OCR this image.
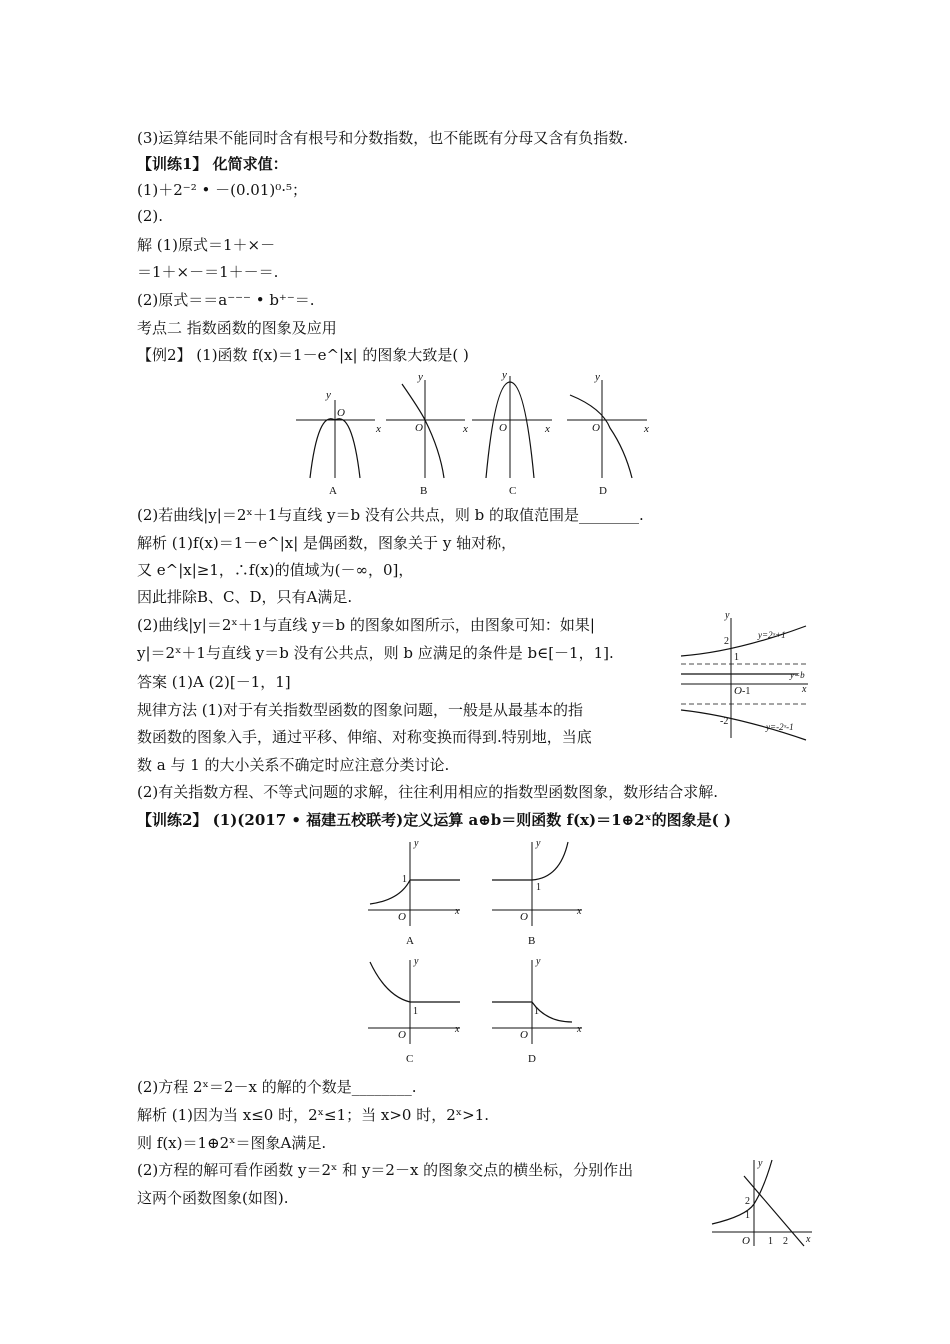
(3)运算结果不能同时含有根号和分数指数，也不能既有分母又含有负指数.
【训练1】 化简求值：
(1)＋2⁻² • －(0.01)⁰·⁵；
(2).
解 (1)原式＝1＋×－
＝1＋×－＝1＋－＝.
(2)原式＝＝a⁻⁻⁻ • b⁺⁻＝.
考点二 指数函数的图象及应用
【例2】 (1)函数 f(x)＝1－e^|x| 的图象大致是( )
x
y
O
A
x
y
O
B
x
y
O
C
x
y
O
D
(2)若曲线|y|＝2ˣ＋1与直线 y＝b 没有公共点，则 b 的取值范围是________.
解析 (1)f(x)＝1－e^|x| 是偶函数，图象关于 y 轴对称，
又 e^|x|≥1，∴f(x)的值域为(－∞，0]，
因此排除B、C、D，只有A满足.
(2)曲线|y|＝2ˣ＋1与直线 y＝b 的图象如图所示，由图象可知：如果|
y|＝2ˣ＋1与直线 y＝b 没有公共点，则 b 应满足的条件是 b∈[－1，1].
答案 (1)A (2)[－1，1]
规律方法 (1)对于有关指数型函数的图象问题，一般是从最基本的指
数函数的图象入手，通过平移、伸缩、对称变换而得到.特别地，当底
数 a 与 1 的大小关系不确定时应注意分类讨论.
(2)有关指数方程、不等式问题的求解，往往利用相应的指数型函数图象，数形结合求解.
【训练2】 (1)(2017 • 福建五校联考)定义运算 a⊕b＝则函数 f(x)＝1⊕2ˣ的图象是( )
y
x
O
2
1
-1
-2
y=2ˣ+1
y=b
y=-2ˣ-1
y
x
O
1
A
y
x
O
1
B
y
x
O
1
C
y
x
O
1
D
(2)方程 2ˣ＝2－x 的解的个数是________.
解析 (1)因为当 x≤0 时，2ˣ≤1；当 x>0 时，2ˣ>1.
则 f(x)＝1⊕2ˣ＝图象A满足.
(2)方程的解可看作函数 y＝2ˣ 和 y＝2－x 的图象交点的横坐标，分别作出
这两个函数图象(如图).
y
x
O
2
1
1 2
